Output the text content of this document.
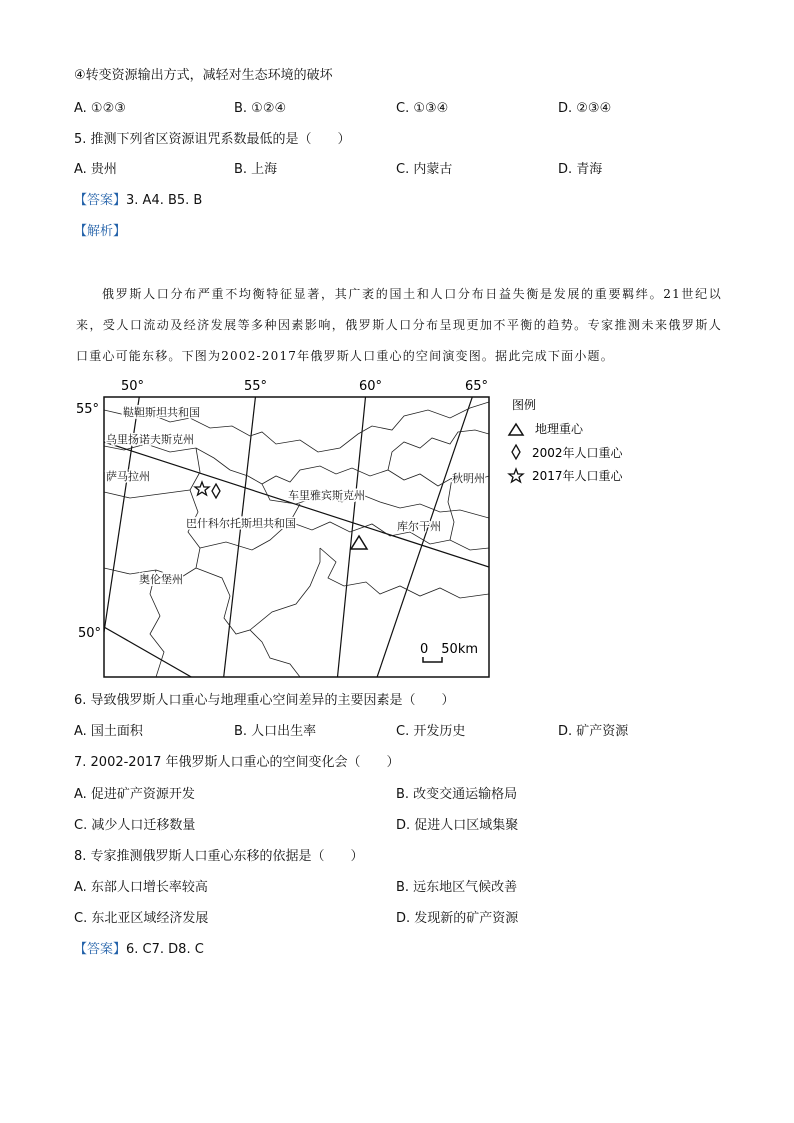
④转变资源输出方式，减轻对生态环境的破坏
A. ①②③	B. ①②④	C. ①③④	D. ②③④
5. 推测下列省区资源诅咒系数最低的是（　　）
A. 贵州	B. 上海	C. 内蒙古	D. 青海
【答案】3. A4. B5. B
【解析】
俄罗斯人口分布严重不均衡特征显著，其广袤的国土和人口分布日益失衡是发展的重要羁绊。21世纪以来，受人口流动及经济发展等多种因素影响，俄罗斯人口分布呈现更加不平衡的趋势。专家推测未来俄罗斯人口重心可能东移。下图为2002-2017年俄罗斯人口重心的空间演变图。据此完成下面小题。
50°	55°	60°	65°
55°
50°
鞑靼斯坦共和国
乌里扬诺夫斯克州
萨马拉州
巴什科尔托斯坦共和国
车里雅宾斯克州
秋明州
库尔干州
奥伦堡州
0　50km
图例
地理重心
2002年人口重心
2017年人口重心
6. 导致俄罗斯人口重心与地理重心空间差异的主要因素是（　　）
A. 国土面积	B. 人口出生率	C. 开发历史	D. 矿产资源
7. 2002-2017 年俄罗斯人口重心的空间变化会（　　）
A. 促进矿产资源开发	B. 改变交通运输格局
C. 减少人口迁移数量	D. 促进人口区域集聚
8. 专家推测俄罗斯人口重心东移的依据是（　　）
A. 东部人口增长率较高	B. 远东地区气候改善
C. 东北亚区域经济发展	D. 发现新的矿产资源
【答案】6. C7. D8. C
